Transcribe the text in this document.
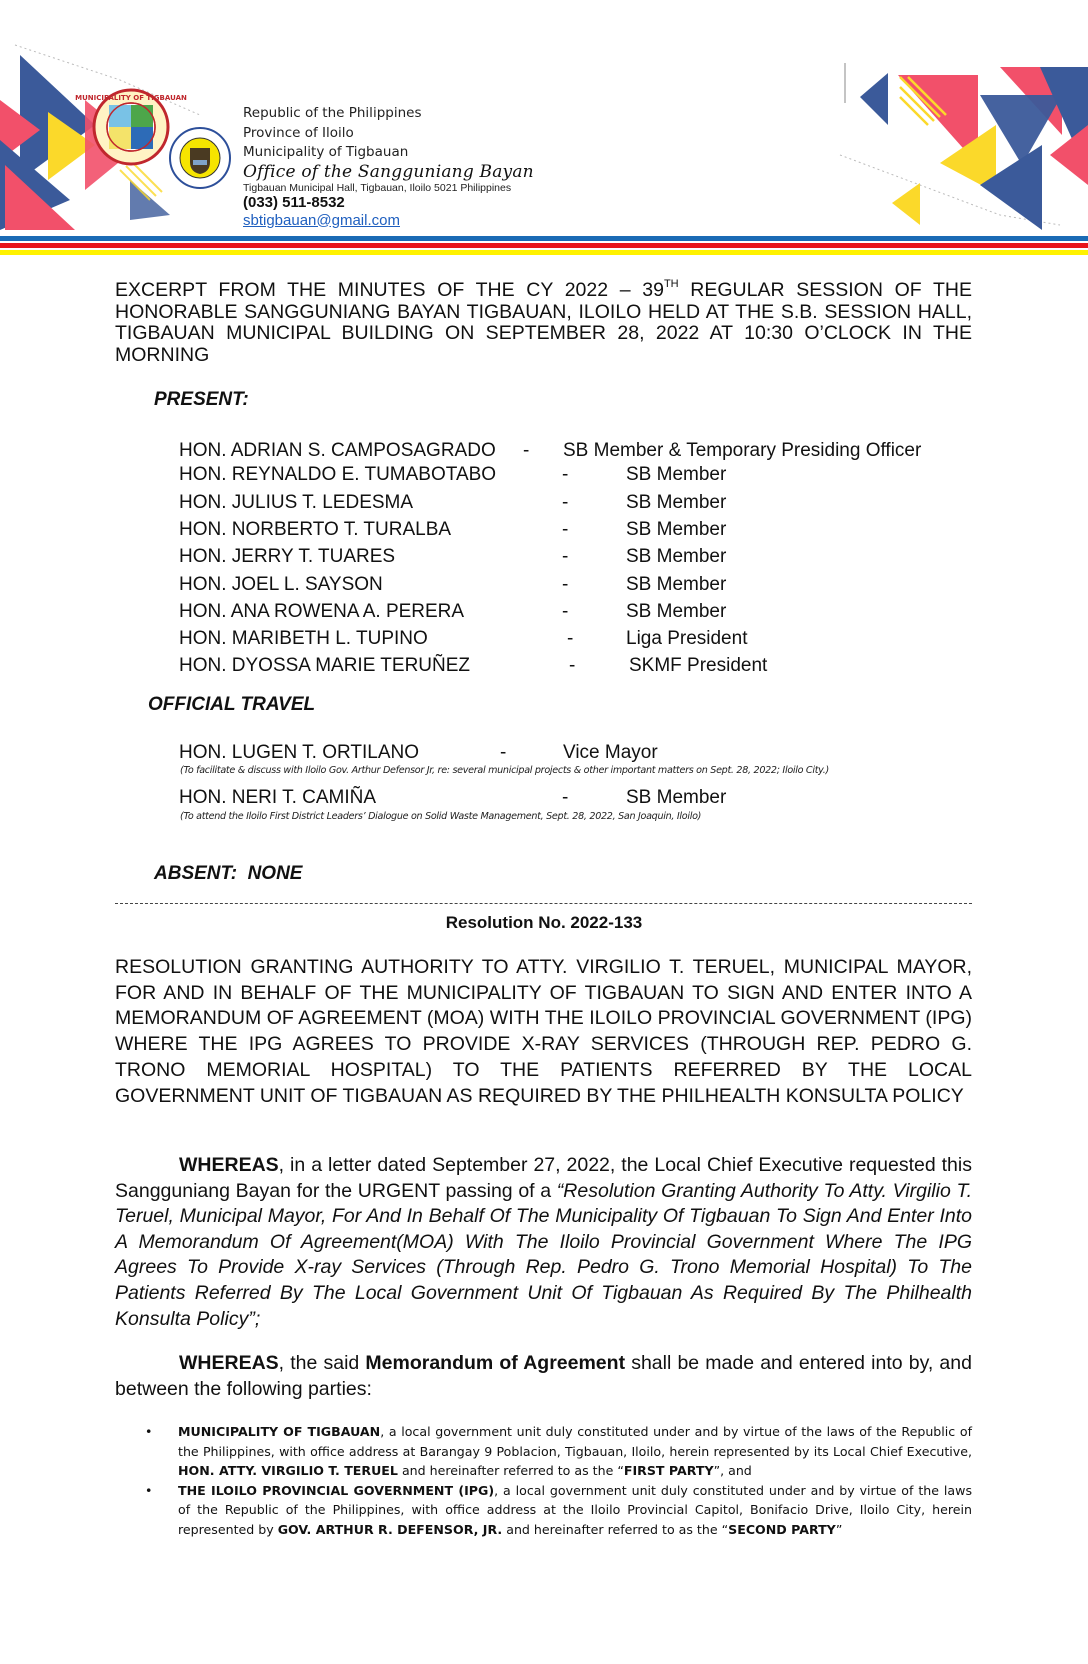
MUNICIPALITY OF TIGBAUAN
Republic of the Philippines
Province of Iloilo
Municipality of Tigbauan
Office of the Sangguniang Bayan
Tigbauan Municipal Hall, Tigbauan, Iloilo 5021 Philippines
(033) 511-8532
sbtigbauan@gmail.com
EXCERPT FROM THE MINUTES OF THE CY 2022 – 39TH REGULAR SESSION OF THE HONORABLE SANGGUNIANG BAYAN TIGBAUAN, ILOILO HELD AT THE S.B. SESSION HALL, TIGBAUAN MUNICIPAL BUILDING ON SEPTEMBER 28, 2022 AT 10:30 O’CLOCK IN THE MORNING
PRESENT:
HON. ADRIAN S. CAMPOSAGRADO - SB Member & Temporary Presiding Officer
HON. REYNALDO E. TUMABOTABO	-	SB Member
HON. JULIUS T. LEDESMA	-	SB Member
HON. NORBERTO T. TURALBA	-	SB Member
HON. JERRY T. TUARES	-	SB Member
HON. JOEL L. SAYSON	-	SB Member
HON. ANA ROWENA A. PERERA	-	SB Member
HON. MARIBETH L. TUPINO	-	Liga President
HON. DYOSSA MARIE TERUÑEZ	-	SKMF President
OFFICIAL TRAVEL
HON. LUGEN T. ORTILANO	-	Vice Mayor
(To facilitate & discuss with Iloilo Gov. Arthur Defensor Jr, re: several municipal projects & other important matters on Sept. 28, 2022; Iloilo City.)
HON. NERI T. CAMIÑA	-	SB Member
(To attend the Iloilo First District Leaders’ Dialogue on Solid Waste Management, Sept. 28, 2022, San Joaquin, Iloilo)
ABSENT:  NONE
Resolution No. 2022-133
RESOLUTION GRANTING AUTHORITY TO ATTY. VIRGILIO T. TERUEL, MUNICIPAL MAYOR, FOR AND IN BEHALF OF THE MUNICIPALITY OF TIGBAUAN TO SIGN AND ENTER INTO A MEMORANDUM OF AGREEMENT (MOA) WITH THE ILOILO PROVINCIAL GOVERNMENT (IPG) WHERE THE IPG AGREES TO PROVIDE X-RAY SERVICES (THROUGH REP. PEDRO G. TRONO MEMORIAL HOSPITAL) TO THE PATIENTS REFERRED BY THE LOCAL GOVERNMENT UNIT OF TIGBAUAN AS REQUIRED BY THE PHILHEALTH KONSULTA POLICY
WHEREAS, in a letter dated September 27, 2022, the Local Chief Executive requested this Sangguniang Bayan for the URGENT passing of a “Resolution Granting Authority To Atty. Virgilio T. Teruel, Municipal Mayor, For And In Behalf Of The Municipality Of Tigbauan To Sign And Enter Into A Memorandum Of Agreement(MOA) With The Iloilo Provincial Government Where The IPG Agrees To Provide X-ray Services (Through Rep. Pedro G. Trono Memorial Hospital) To The Patients Referred By The Local Government Unit Of Tigbauan As Required By The Philhealth Konsulta Policy”;
WHEREAS, the said Memorandum of Agreement shall be made and entered into by, and between the following parties:
• MUNICIPALITY OF TIGBAUAN, a local government unit duly constituted under and by virtue of the laws of the Republic of the Philippines, with office address at Barangay 9 Poblacion, Tigbauan, Iloilo, herein represented by its Local Chief Executive, HON. ATTY. VIRGILIO T. TERUEL and hereinafter referred to as the “FIRST PARTY”, and
• THE ILOILO PROVINCIAL GOVERNMENT (IPG), a local government unit duly constituted under and by virtue of the laws of the Republic of the Philippines, with office address at the Iloilo Provincial Capitol, Bonifacio Drive, Iloilo City, herein represented by GOV. ARTHUR R. DEFENSOR, JR. and hereinafter referred to as the “SECOND PARTY”
